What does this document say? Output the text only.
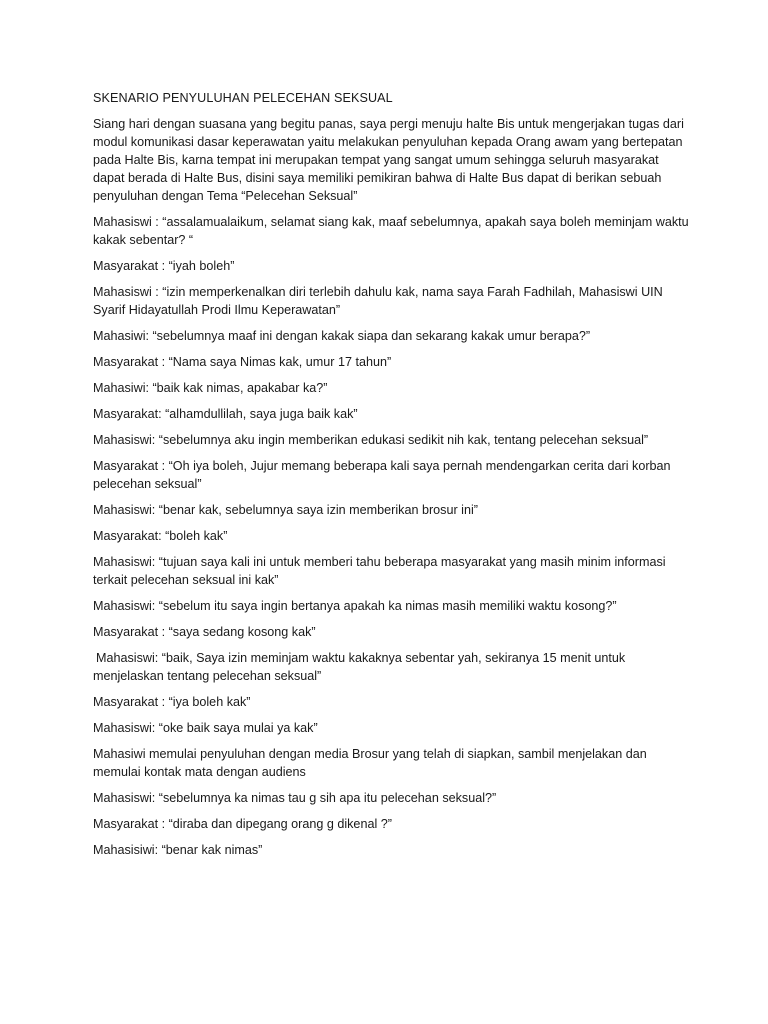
SKENARIO PENYULUHAN PELECEHAN SEKSUAL
Siang hari dengan suasana yang begitu panas, saya pergi menuju halte Bis untuk mengerjakan tugas dari modul komunikasi dasar keperawatan yaitu melakukan penyuluhan kepada Orang awam yang bertepatan pada Halte Bis, karna tempat ini merupakan tempat yang sangat umum sehingga seluruh masyarakat dapat berada di Halte Bus, disini saya memiliki pemikiran bahwa di Halte Bus dapat di berikan sebuah penyuluhan dengan Tema “Pelecehan Seksual”
Mahasiswi : “assalamualaikum, selamat siang kak, maaf sebelumnya, apakah saya boleh meminjam waktu kakak sebentar? “
Masyarakat : “iyah boleh”
Mahasiswi : “izin memperkenalkan diri terlebih dahulu kak, nama saya Farah Fadhilah, Mahasiswi UIN Syarif Hidayatullah Prodi Ilmu Keperawatan”
Mahasiwi: “sebelumnya maaf ini dengan kakak siapa dan sekarang kakak umur berapa?”
Masyarakat : “Nama saya Nimas kak, umur 17 tahun”
Mahasiwi: “baik kak nimas, apakabar ka?”
Masyarakat: “alhamdullilah, saya juga baik kak”
Mahasiswi: “sebelumnya aku ingin memberikan edukasi sedikit nih kak, tentang pelecehan seksual”
Masyarakat : “Oh iya boleh, Jujur memang beberapa kali saya pernah mendengarkan cerita dari korban pelecehan seksual”
Mahasiswi: “benar kak, sebelumnya saya izin memberikan brosur ini”
Masyarakat: “boleh kak”
Mahasiswi: “tujuan saya kali ini untuk memberi tahu beberapa masyarakat yang masih minim informasi terkait pelecehan seksual ini kak”
Mahasiswi: “sebelum itu saya ingin bertanya apakah ka nimas masih memiliki waktu kosong?”
Masyarakat : “saya sedang kosong kak”
Mahasiswi: “baik, Saya izin meminjam waktu kakaknya sebentar yah, sekiranya 15 menit untuk menjelaskan tentang pelecehan seksual”
Masyarakat : “iya boleh kak”
Mahasiswi: “oke baik saya mulai ya kak”
Mahasiwi memulai penyuluhan dengan media Brosur yang telah di siapkan, sambil menjelakan dan memulai kontak mata dengan audiens
Mahasiswi: “sebelumnya ka nimas tau g sih apa itu pelecehan seksual?”
Masyarakat : “diraba dan dipegang orang g dikenal ?”
Mahasisiwi: “benar kak nimas”
